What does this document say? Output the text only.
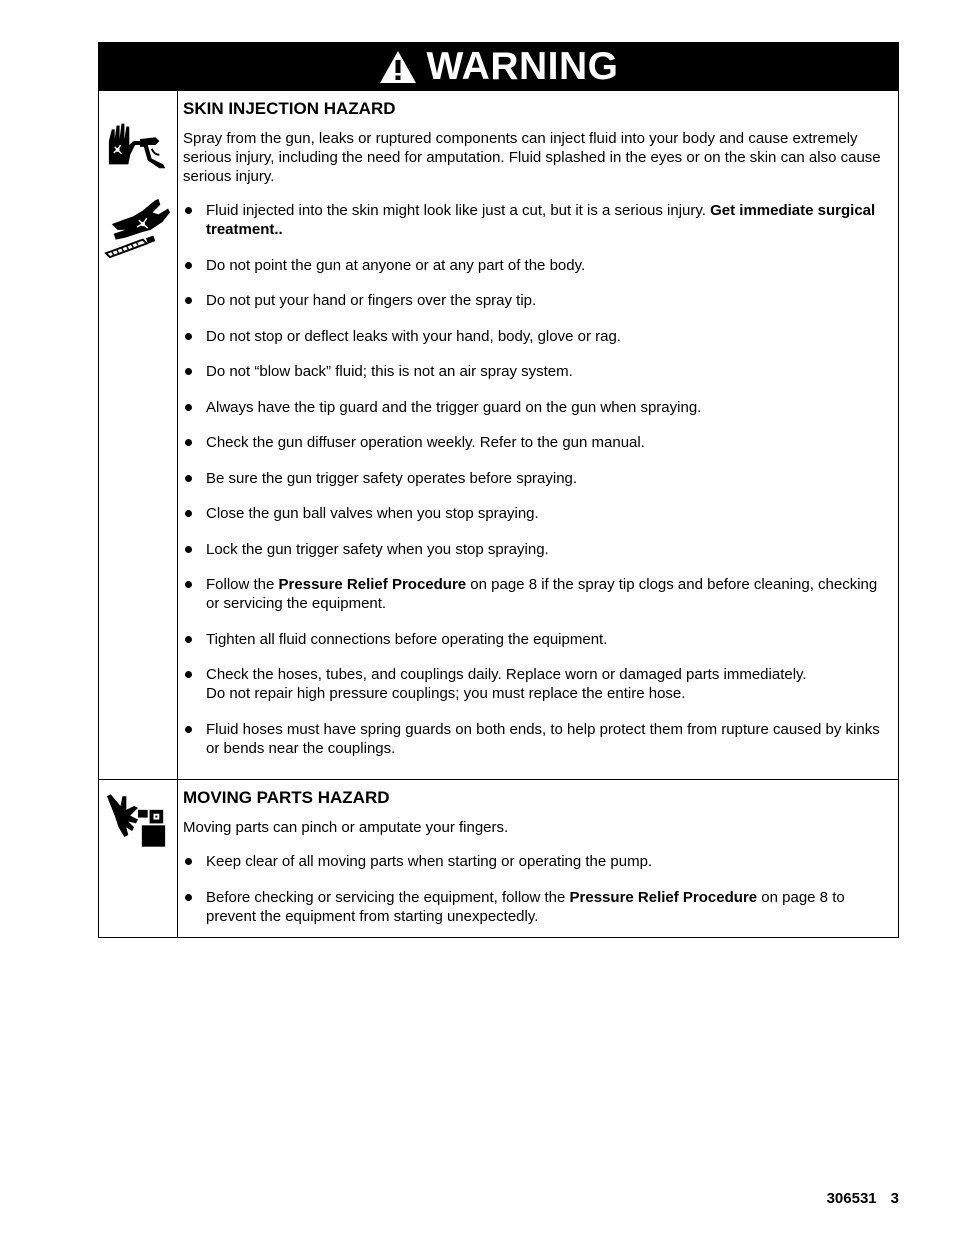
WARNING
SKIN INJECTION HAZARD
Spray from the gun, leaks or ruptured components can inject fluid into your body and cause extremely serious injury, including the need for amputation. Fluid splashed in the eyes or on the skin can also cause serious injury.
Fluid injected into the skin might look like just a cut, but it is a serious injury. Get immediate surgical treatment..
Do not point the gun at anyone or at any part of the body.
Do not put your hand or fingers over the spray tip.
Do not stop or deflect leaks with your hand, body, glove or rag.
Do not “blow back” fluid; this is not an air spray system.
Always have the tip guard and the trigger guard on the gun when spraying.
Check the gun diffuser operation weekly. Refer to the gun manual.
Be sure the gun trigger safety operates before spraying.
Close the gun ball valves when you stop spraying.
Lock the gun trigger safety when you stop spraying.
Follow the Pressure Relief Procedure on page 8 if the spray tip clogs and before cleaning, checking or servicing the equipment.
Tighten all fluid connections before operating the equipment.
Check the hoses, tubes, and couplings daily. Replace worn or damaged parts immediately.
Do not repair high pressure couplings; you must replace the entire hose.
Fluid hoses must have spring guards on both ends, to help protect them from rupture caused by kinks or bends near the couplings.
MOVING PARTS HAZARD
Moving parts can pinch or amputate your fingers.
Keep clear of all moving parts when starting or operating the pump.
Before checking or servicing the equipment, follow the Pressure Relief Procedure on page 8 to prevent the equipment from starting unexpectedly.
306531 3
